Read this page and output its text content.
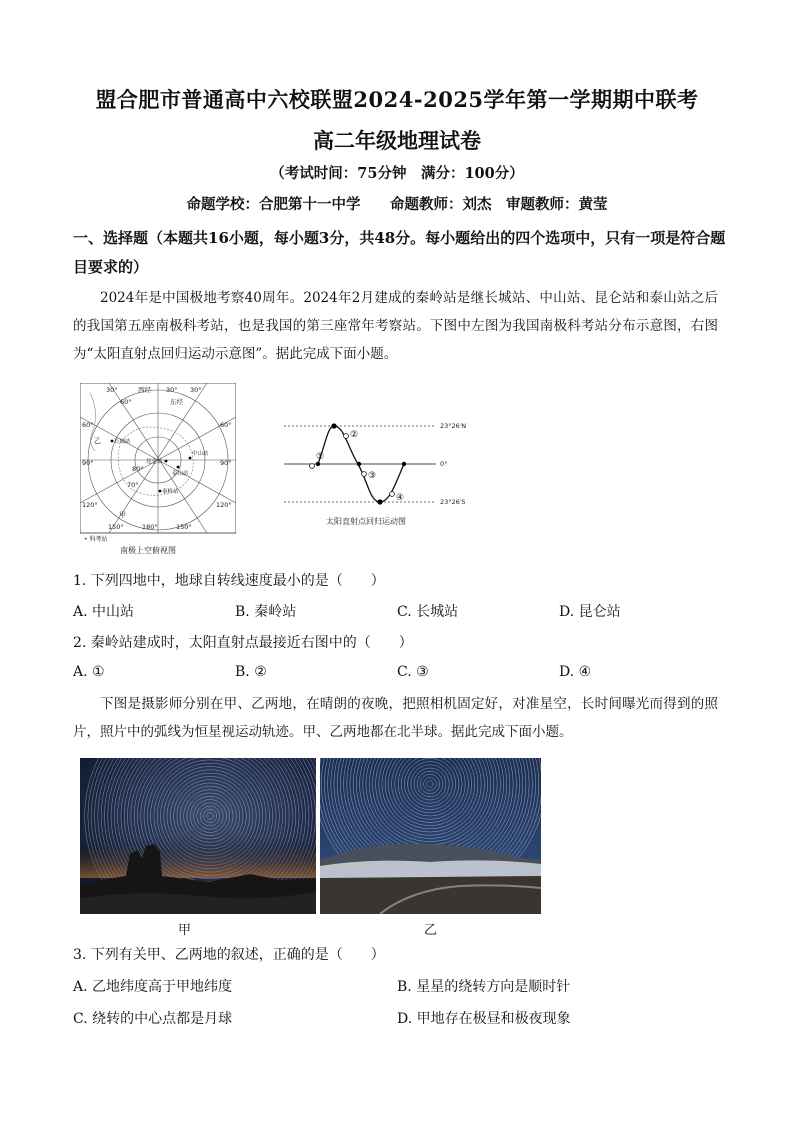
盟合肥市普通高中六校联盟2024-2025学年第一学期期中联考
高二年级地理试卷
（考试时间：75分钟　满分：100分）
命题学校：合肥第十一中学　 命题教师：刘杰　审题教师：黄莹
一、选择题（本题共16小题，每小题3分，共48分。每小题给出的四个选项中，只有一项是符合题目要求的）
2024年是中国极地考察40周年。2024年2月建成的秦岭站是继长城站、中山站、昆仑站和泰山站之后的我国第五座南极科考站，也是我国的第三座常年考察站。下图中左图为我国南极科考站分布示意图，右图为“太阳直射点回归运动示意图”。据此完成下面小题。
30°	西经 30° 30°
60°	东经
60°	60°
90°	90°
120°	120°
150°	180°	150°
80°
70°
甲
乙 长城站
中山站
昆仑站
泰山站
秦岭站
• 科考站
南极上空俯视图
①
②
③
④
23°26′N
0°
23°26′S
太阳直射点回归运动图
1. 下列四地中，地球自转线速度最小的是（　　）
A. 中山站	B. 秦岭站	C. 长城站	D. 昆仑站
2. 秦岭站建成时，太阳直射点最接近右图中的（　　）
A. ①	B. ②	C. ③	D. ④
下图是摄影师分别在甲、乙两地，在晴朗的夜晚，把照相机固定好，对准星空，长时间曝光而得到的照片，照片中的弧线为恒星视运动轨迹。甲、乙两地都在北半球。据此完成下面小题。
甲	乙
3. 下列有关甲、乙两地的叙述，正确的是（　　）
A. 乙地纬度高于甲地纬度	B. 星星的绕转方向是顺时针
C. 绕转的中心点都是月球	D. 甲地存在极昼和极夜现象
